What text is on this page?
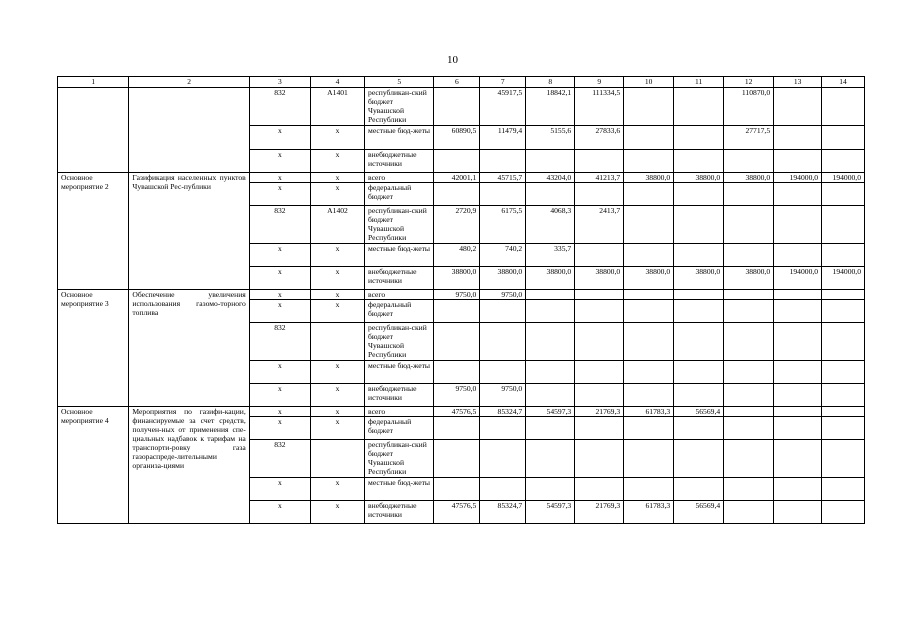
10
1	2	3	4	5	6	7	8	9	10	11	12	13	14
		832	А1401	республикан-ский бюджет Чувашской Республики		45917,5	18842,1	111334,5			110870,0		
		х	х	местные бюд-жеты	60890,5	11479,4	5155,6	27833,6			27717,5		
		х	х	внебюджетные источники									
Основное мероприятие 2	Газификация населенных пунктов Чувашской Рес-публики	х	х	всего	42001,1	45715,7	43204,0	41213,7	38800,0	38800,0	38800,0	194000,0	194000,0
		х	х	федеральный бюджет									
		832	А1402	республикан-ский бюджет Чувашской Республики	2720,9	6175,5	4068,3	2413,7					
		х	х	местные бюд-жеты	480,2	740,2	335,7						
		х	х	внебюджетные источники	38800,0	38800,0	38800,0	38800,0	38800,0	38800,0	38800,0	194000,0	194000,0
Основное мероприятие 3	Обеспечение увеличения использования газомо-торного топлива	х	х	всего	9750,0	9750,0							
		х	х	федеральный бюджет									
		832		республикан-ский бюджет Чувашской Республики									
		х	х	местные бюд-жеты									
		х	х	внебюджетные источники	9750,0	9750,0							
Основное мероприятие 4	Мероприятия по газифи-кации, финансируемые за счет средств, получен-ных от применения спе-циальных надбавок к тарифам на транспорти-ровку газа газораспреде-лительными организа-циями	х	х	всего	47576,5	85324,7	54597,3	21769,3	61783,3	56569,4			
		х	х	федеральный бюджет									
		832		республикан-ский бюджет Чувашской Республики									
		х	х	местные бюд-жеты									
		х	х	внебюджетные источники	47576,5	85324,7	54597,3	21769,3	61783,3	56569,4			
